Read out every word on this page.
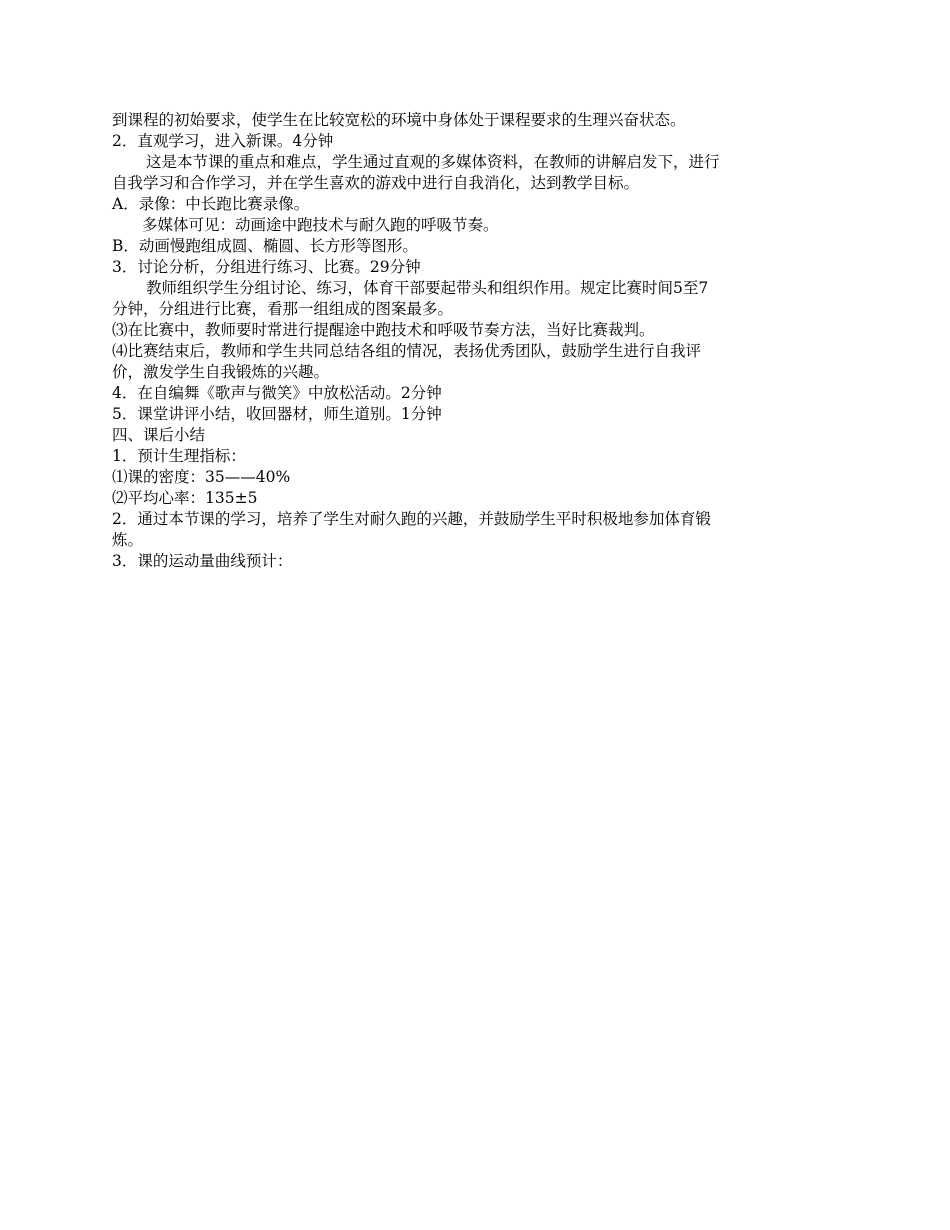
到课程的初始要求，使学生在比较宽松的环境中身体处于课程要求的生理兴奋状态。
2．直观学习，进入新课。4分钟
这是本节课的重点和难点，学生通过直观的多媒体资料，在教师的讲解启发下，进行
自我学习和合作学习，并在学生喜欢的游戏中进行自我消化，达到教学目标。
A．录像：中长跑比赛录像。
多媒体可见：动画途中跑技术与耐久跑的呼吸节奏。
B．动画慢跑组成圆、椭圆、长方形等图形。
3．讨论分析，分组进行练习、比赛。29分钟
教师组织学生分组讨论、练习，体育干部要起带头和组织作用。规定比赛时间5至7
分钟，分组进行比赛，看那一组组成的图案最多。
⑶在比赛中，教师要时常进行提醒途中跑技术和呼吸节奏方法，当好比赛裁判。
⑷比赛结束后，教师和学生共同总结各组的情况，表扬优秀团队，鼓励学生进行自我评
价，激发学生自我锻炼的兴趣。
4．在自编舞《歌声与微笑》中放松活动。2分钟
5．课堂讲评小结，收回器材，师生道别。1分钟
四、课后小结
1．预计生理指标：
⑴课的密度：35——40%
⑵平均心率：135±5
2．通过本节课的学习，培养了学生对耐久跑的兴趣，并鼓励学生平时积极地参加体育锻
炼。
3．课的运动量曲线预计：
